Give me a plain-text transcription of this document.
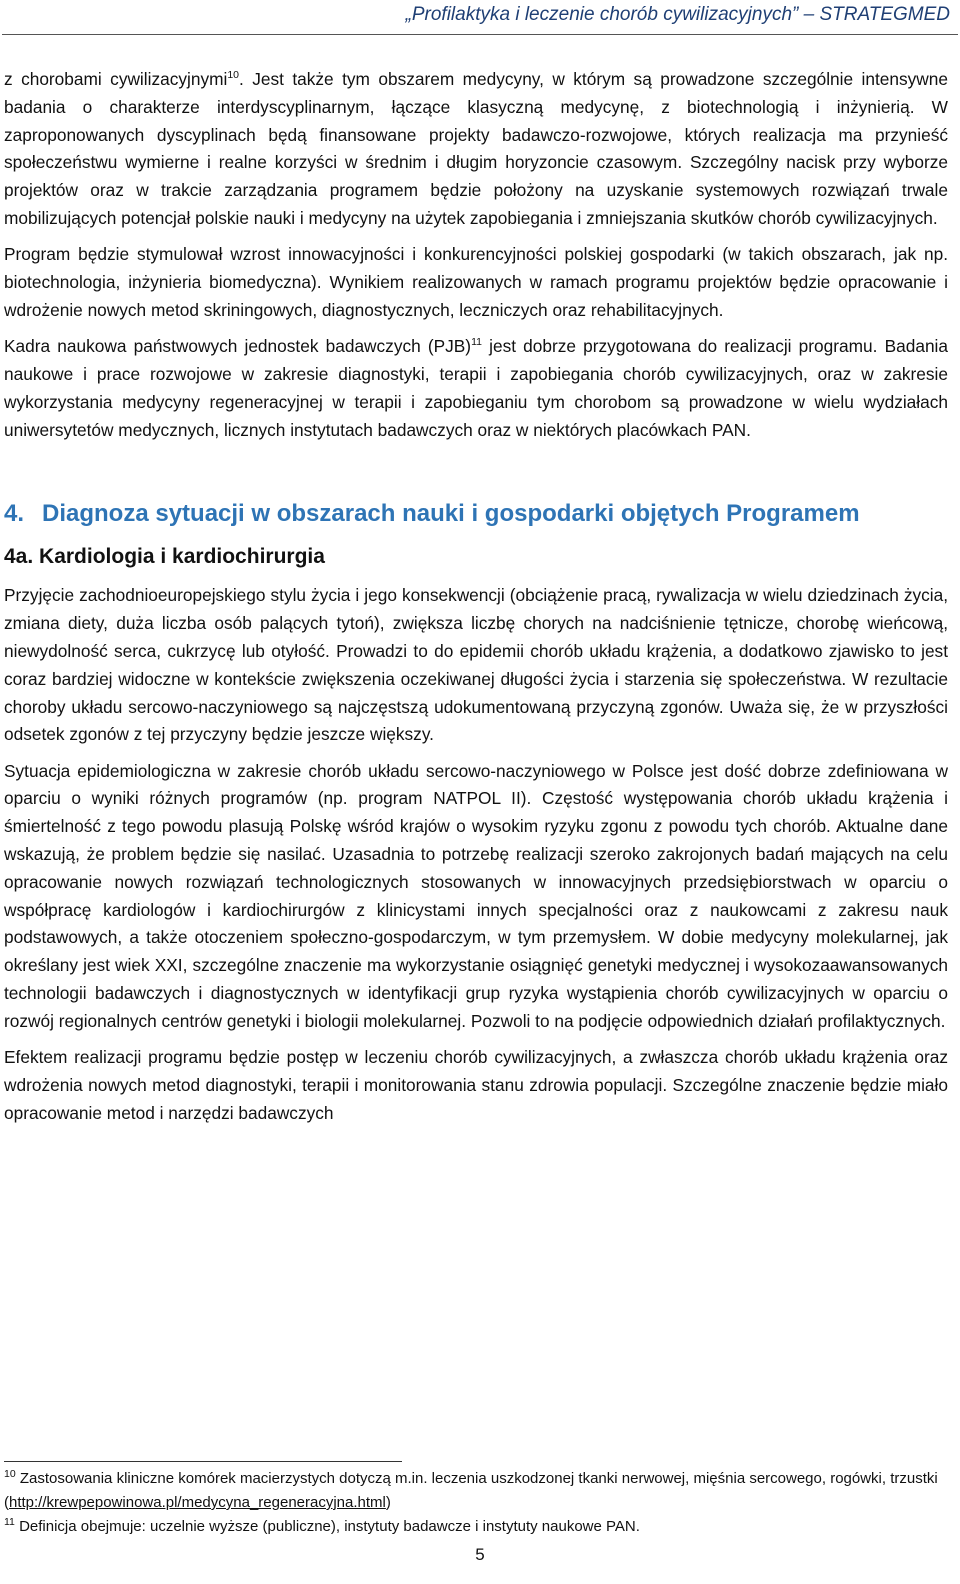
„Profilaktyka i leczenie chorób cywilizacyjnych” – STRATEGMED

z chorobami cywilizacyjnymi$^{10}$. Jest także tym obszarem medycyny, w którym są prowadzone szczególnie intensywne badania o charakterze interdyscyplinarnym, łączące klasyczną medycynę, z biotechnologią i inżynierią. W zaproponowanych dyscyplinach będą finansowane projekty badawczo-rozwojowe, których realizacja ma przynieść społeczeństwu wymierne i realne korzyści w średnim i długim horyzoncie czasowym. Szczególny nacisk przy wyborze projektów oraz w trakcie zarządzania programem będzie położony na uzyskanie systemowych rozwiązań trwale mobilizujących potencjał polskie nauki i medycyny na użytek zapobiegania i zmniejszania skutków chorób cywilizacyjnych.

Program będzie stymulował wzrost innowacyjności i konkurencyjności polskiej gospodarki (w takich obszarach, jak np. biotechnologia, inżynieria biomedyczna). Wynikiem realizowanych w ramach programu projektów będzie opracowanie i wdrożenie nowych metod skriningowych, diagnostycznych, leczniczych oraz rehabilitacyjnych.

Kadra naukowa państwowych jednostek badawczych (PJB)$^{11}$ jest dobrze przygotowana do realizacji programu. Badania naukowe i prace rozwojowe w zakresie diagnostyki, terapii i zapobiegania chorób cywilizacyjnych, oraz w zakresie wykorzystania medycyny regeneracyjnej w terapii i zapobieganiu tym chorobom są prowadzone w wielu wydziałach uniwersytetów medycznych, licznych instytutach badawczych oraz w niektórych placówkach PAN.

4. Diagnoza sytuacji w obszarach nauki i gospodarki objętych Programem
4a. Kardiologia i kardiochirurgia

Przyjęcie zachodnioeuropejskiego stylu życia i jego konsekwencji (obciążenie pracą, rywalizacja w wielu dziedzinach życia, zmiana diety, duża liczba osób palących tytoń), zwiększa liczbę chorych na nadciśnienie tętnicze, chorobę wieńcową, niewydolność serca, cukrzycę lub otyłość. Prowadzi to do epidemii chorób układu krążenia, a dodatkowo zjawisko to jest coraz bardziej widoczne w kontekście zwiększenia oczekiwanej długości życia i starzenia się społeczeństwa. W rezultacie choroby układu sercowo-naczyniowego są najczęstszą udokumentowaną przyczyną zgonów. Uważa się, że w przyszłości odsetek zgonów z tej przyczyny będzie jeszcze większy.

Sytuacja epidemiologiczna w zakresie chorób układu sercowo-naczyniowego w Polsce jest dość dobrze zdefiniowana w oparciu o wyniki różnych programów (np. program NATPOL II). Częstość występowania chorób układu krążenia i śmiertelność z tego powodu plasują Polskę wśród krajów o wysokim ryzyku zgonu z powodu tych chorób. Aktualne dane wskazują, że problem będzie się nasilać. Uzasadnia to potrzebę realizacji szeroko zakrojonych badań mających na celu opracowanie nowych rozwiązań technologicznych stosowanych w innowacyjnych przedsiębiorstwach w oparciu o współpracę kardiologów i kardiochirurgów z klinicystami innych specjalności oraz z naukowcami z zakresu nauk podstawowych, a także otoczeniem społeczno-gospodarczym, w tym przemysłem. W dobie medycyny molekularnej, jak określany jest wiek XXI, szczególne znaczenie ma wykorzystanie osiągnięć genetyki medycznej i wysokozaawansowanych technologii badawczych i diagnostycznych w identyfikacji grup ryzyka wystąpienia chorób cywilizacyjnych w oparciu o rozwój regionalnych centrów genetyki i biologii molekularnej. Pozwoli to na podjęcie odpowiednich działań profilaktycznych.

Efektem realizacji programu będzie postęp w leczeniu chorób cywilizacyjnych, a zwłaszcza chorób układu krążenia oraz wdrożenia nowych metod diagnostyki, terapii i monitorowania stanu zdrowia populacji. Szczególne znaczenie będzie miało opracowanie metod i narzędzi badawczych

$^{10}$ Zastosowania kliniczne komórek macierzystych dotyczą m.in. leczenia uszkodzonej tkanki nerwowej, mięśnia sercowego, rogówki, trzustki (http://krewpepowinowa.pl/medycyna_regeneracyjna.html)

$^{11}$ Definicja obejmuje: uczelnie wyższe (publiczne), instytuty badawcze i instytuty naukowe PAN.

5
